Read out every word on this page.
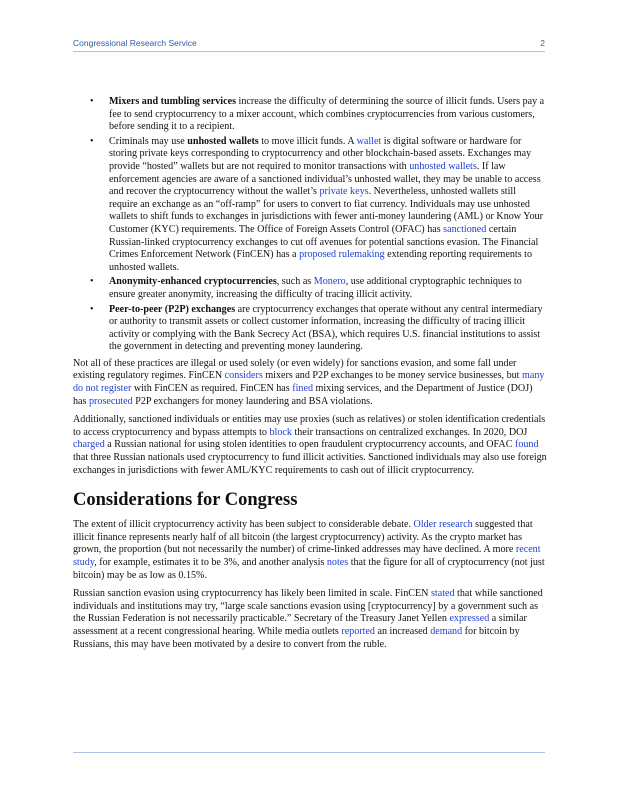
Congressional Research Service	2
• Mixers and tumbling services increase the difficulty of determining the source of illicit funds. Users pay a fee to send cryptocurrency to a mixer account, which combines cryptocurrencies from various customers, before sending it to a recipient.
• Criminals may use unhosted wallets to move illicit funds. A wallet is digital software or hardware for storing private keys corresponding to cryptocurrency and other blockchain-based assets. Exchanges may provide “hosted” wallets but are not required to monitor transactions with unhosted wallets. If law enforcement agencies are aware of a sanctioned individual’s unhosted wallet, they may be unable to access and recover the cryptocurrency without the wallet’s private keys. Nevertheless, unhosted wallets still require an exchange as an “off-ramp” for users to convert to fiat currency. Individuals may use unhosted wallets to shift funds to exchanges in jurisdictions with fewer anti-money laundering (AML) or Know Your Customer (KYC) requirements. The Office of Foreign Assets Control (OFAC) has sanctioned certain Russian-linked cryptocurrency exchanges to cut off avenues for potential sanctions evasion. The Financial Crimes Enforcement Network (FinCEN) has a proposed rulemaking extending reporting requirements to unhosted wallets.
• Anonymity-enhanced cryptocurrencies, such as Monero, use additional cryptographic techniques to ensure greater anonymity, increasing the difficulty of tracing illicit activity.
• Peer-to-peer (P2P) exchanges are cryptocurrency exchanges that operate without any central intermediary or authority to transmit assets or collect customer information, increasing the difficulty of tracing illicit activity or complying with the Bank Secrecy Act (BSA), which requires U.S. financial institutions to assist the government in detecting and preventing money laundering.

Not all of these practices are illegal or used solely (or even widely) for sanctions evasion, and some fall under existing regulatory regimes. FinCEN considers mixers and P2P exchanges to be money service businesses, but many do not register with FinCEN as required. FinCEN has fined mixing services, and the Department of Justice (DOJ) has prosecuted P2P exchangers for money laundering and BSA violations.

Additionally, sanctioned individuals or entities may use proxies (such as relatives) or stolen identification credentials to access cryptocurrency and bypass attempts to block their transactions on centralized exchanges. In 2020, DOJ charged a Russian national for using stolen identities to open fraudulent cryptocurrency accounts, and OFAC found that three Russian nationals used cryptocurrency to fund illicit activities. Sanctioned individuals may also use foreign exchanges in jurisdictions with fewer AML/KYC requirements to cash out of illicit cryptocurrency.

Considerations for Congress

The extent of illicit cryptocurrency activity has been subject to considerable debate. Older research suggested that illicit finance represents nearly half of all bitcoin (the largest cryptocurrency) activity. As the crypto market has grown, the proportion (but not necessarily the number) of crime-linked addresses may have declined. A more recent study, for example, estimates it to be 3%, and another analysis notes that the figure for all of cryptocurrency (not just bitcoin) may be as low as 0.15%.

Russian sanction evasion using cryptocurrency has likely been limited in scale. FinCEN stated that while sanctioned individuals and institutions may try, “large scale sanctions evasion using [cryptocurrency] by a government such as the Russian Federation is not necessarily practicable.” Secretary of the Treasury Janet Yellen expressed a similar assessment at a recent congressional hearing. While media outlets reported an increased demand for bitcoin by Russians, this may have been motivated by a desire to convert from the ruble.
